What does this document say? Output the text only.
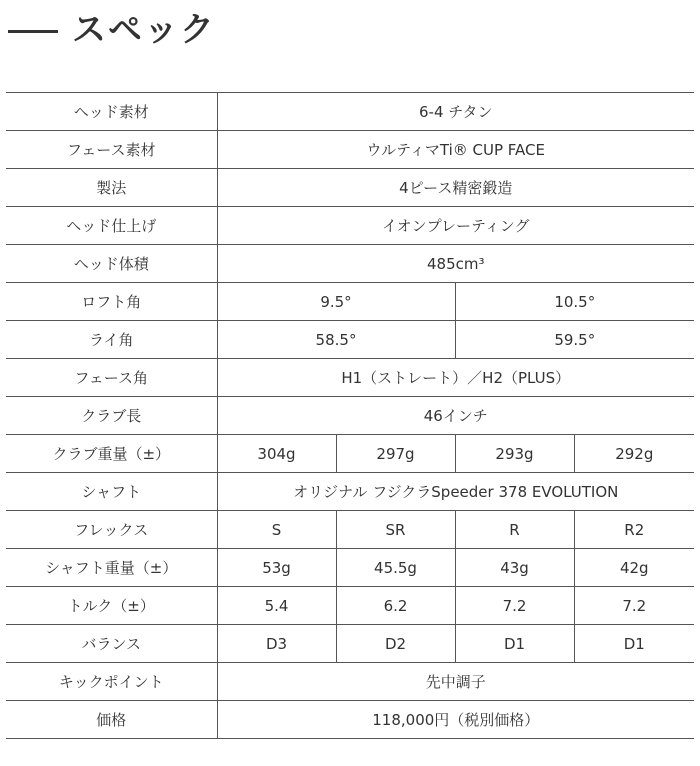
スペック
ヘッド素材	6-4 チタン			
フェース素材	ウルティマTi® CUP FACE			
製法	4ピース精密鍛造			
ヘッド仕上げ	イオンプレーティング			
ヘッド体積	485cm³			
ロフト角	9.5°		10.5°	
ライ角	58.5°		59.5°	
フェース角	H1（ストレート）／H2（PLUS）			
クラブ長	46インチ			
クラブ重量（±）	304g	297g	293g	292g
シャフト	オリジナル フジクラSpeeder 378 EVOLUTION			
フレックス	S	SR	R	R2
シャフト重量（±）	53g	45.5g	43g	42g
トルク（±）	5.4	6.2	7.2	7.2
バランス	D3	D2	D1	D1
キックポイント	先中調子			
価格	118,000円（税別価格）			
